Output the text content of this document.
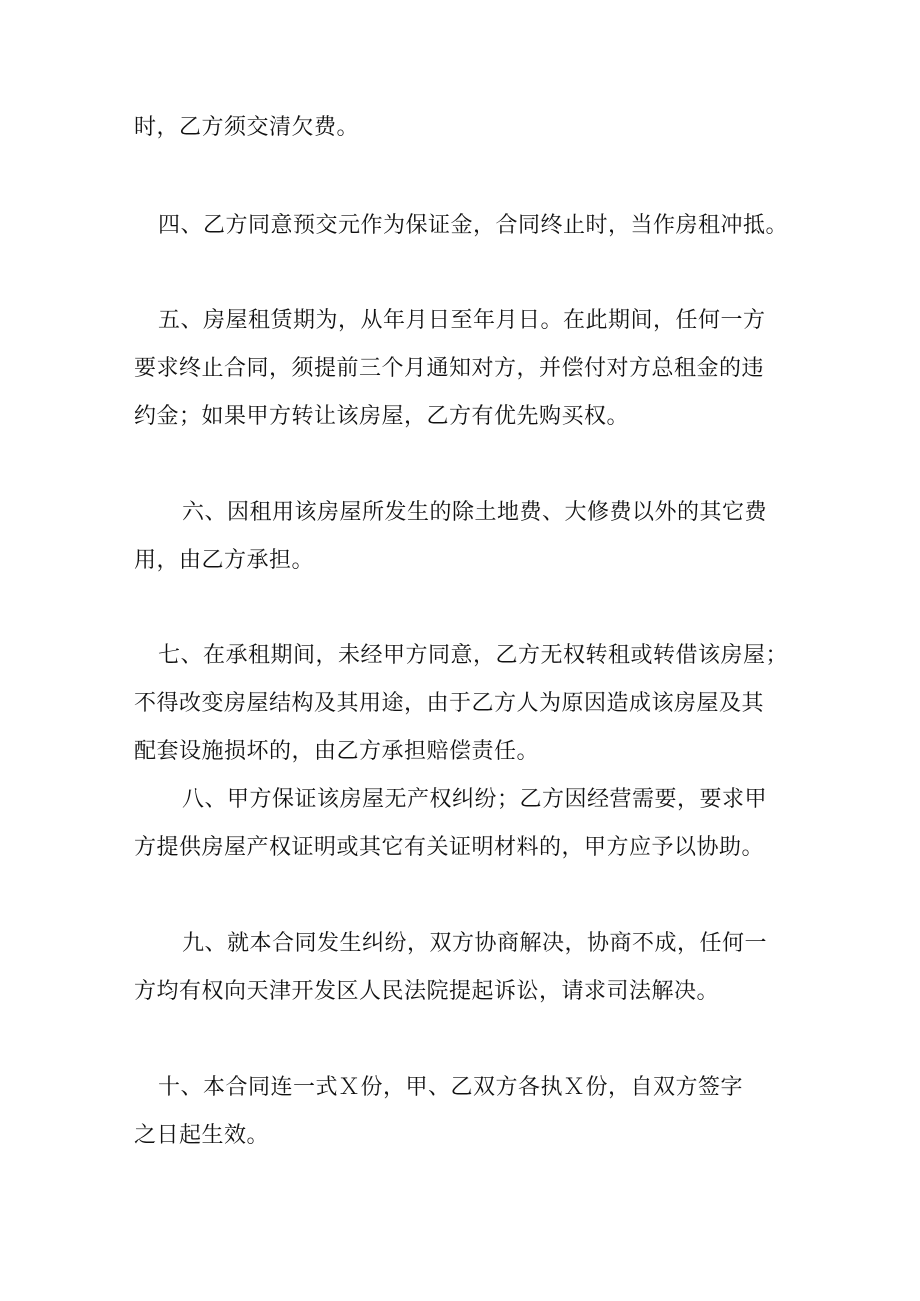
时，乙方须交清欠费。
四、乙方同意预交元作为保证金，合同终止时，当作房租冲抵。
五、房屋租赁期为，从年月日至年月日。在此期间，任何一方
要求终止合同，须提前三个月通知对方，并偿付对方总租金的违
约金；如果甲方转让该房屋，乙方有优先购买权。
六、因租用该房屋所发生的除土地费、大修费以外的其它费
用，由乙方承担。
七、在承租期间，未经甲方同意，乙方无权转租或转借该房屋；
不得改变房屋结构及其用途，由于乙方人为原因造成该房屋及其
配套设施损坏的，由乙方承担赔偿责任。
八、甲方保证该房屋无产权纠纷；乙方因经营需要，要求甲
方提供房屋产权证明或其它有关证明材料的，甲方应予以协助。
九、就本合同发生纠纷，双方协商解决，协商不成，任何一
方均有权向天津开发区人民法院提起诉讼，请求司法解决。
十、本合同连一式Ｘ份，甲、乙双方各执Ｘ份，自双方签字
之日起生效。
